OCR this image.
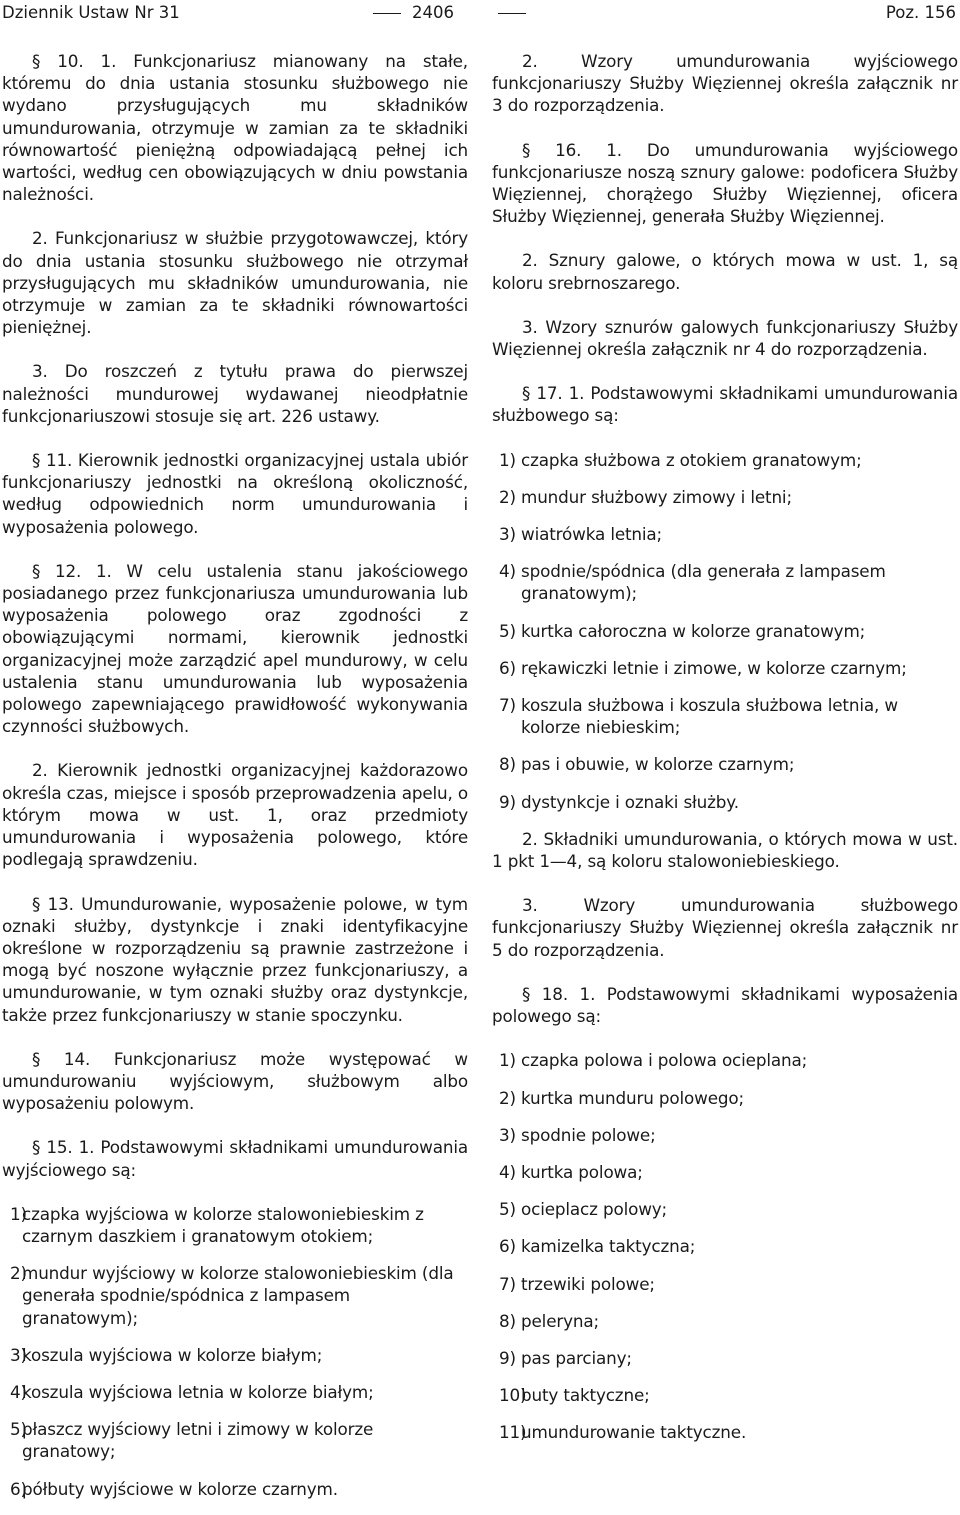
Dziennik Ustaw Nr 31	2406	Poz. 156
§ 10. 1. Funkcjonariusz mianowany na stałe, któremu do dnia ustania stosunku służbowego nie wydano przysługujących mu składników umundurowania, otrzymuje w zamian za te składniki równowartość pieniężną odpowiadającą pełnej ich wartości, według cen obowiązujących w dniu powstania należności.
2. Funkcjonariusz w służbie przygotowawczej, który do dnia ustania stosunku służbowego nie otrzymał przysługujących mu składników umundurowania, nie otrzymuje w zamian za te składniki równowartości pieniężnej.
3. Do roszczeń z tytułu prawa do pierwszej należności mundurowej wydawanej nieodpłatnie funkcjonariuszowi stosuje się art. 226 ustawy.
§ 11. Kierownik jednostki organizacyjnej ustala ubiór funkcjonariuszy jednostki na określoną okoliczność, według odpowiednich norm umundurowania i wyposażenia polowego.
§ 12. 1. W celu ustalenia stanu jakościowego posiadanego przez funkcjonariusza umundurowania lub wyposażenia polowego oraz zgodności z obowiązującymi normami, kierownik jednostki organizacyjnej może zarządzić apel mundurowy, w celu ustalenia stanu umundurowania lub wyposażenia polowego zapewniającego prawidłowość wykonywania czynności służbowych.
2. Kierownik jednostki organizacyjnej każdorazowo określa czas, miejsce i sposób przeprowadzenia apelu, o którym mowa w ust. 1, oraz przedmioty umundurowania i wyposażenia polowego, które podlegają sprawdzeniu.
§ 13. Umundurowanie, wyposażenie polowe, w tym oznaki służby, dystynkcje i znaki identyfikacyjne określone w rozporządzeniu są prawnie zastrzeżone i mogą być noszone wyłącznie przez funkcjonariuszy, a umundurowanie, w tym oznaki służby oraz dystynkcje, także przez funkcjonariuszy w stanie spoczynku.
§ 14. Funkcjonariusz może występować w umundurowaniu wyjściowym, służbowym albo wyposażeniu polowym.
§ 15. 1. Podstawowymi składnikami umundurowania wyjściowego są:
1)
czapka wyjściowa w kolorze stalowoniebieskim z czarnym daszkiem i granatowym otokiem;
2)
mundur wyjściowy w kolorze stalowoniebieskim (dla generała spodnie/spódnica z lampasem granatowym);
3)
koszula wyjściowa w kolorze białym;
4)
koszula wyjściowa letnia w kolorze białym;
5)
płaszcz wyjściowy letni i zimowy w kolorze granatowy;
6)
półbuty wyjściowe w kolorze czarnym.
2. Wzory umundurowania wyjściowego funkcjonariuszy Służby Więziennej określa załącznik nr 3 do rozporządzenia.
§ 16. 1. Do umundurowania wyjściowego funkcjonariusze noszą sznury galowe: podoficera Służby Więziennej, chorążego Służby Więziennej, oficera Służby Więziennej, generała Służby Więziennej.
2. Sznury galowe, o których mowa w ust. 1, są koloru srebrnoszarego.
3. Wzory sznurów galowych funkcjonariuszy Służby Więziennej określa załącznik nr 4 do rozporządzenia.
§ 17. 1. Podstawowymi składnikami umundurowania służbowego są:
1) czapka służbowa z otokiem granatowym;
2) mundur służbowy zimowy i letni;
3) wiatrówka letnia;
4) spodnie/spódnica (dla generała z lampasem granatowym);
5) kurtka całoroczna w kolorze granatowym;
6) rękawiczki letnie i zimowe, w kolorze czarnym;
7) koszula służbowa i koszula służbowa letnia, w kolorze niebieskim;
8) pas i obuwie, w kolorze czarnym;
9) dystynkcje i oznaki służby.
2. Składniki umundurowania, o których mowa w ust. 1 pkt 1—4, są koloru stalowoniebieskiego.
3. Wzory umundurowania służbowego funkcjonariuszy Służby Więziennej określa załącznik nr 5 do rozporządzenia.
§ 18. 1. Podstawowymi składnikami wyposażenia polowego są:
1) czapka polowa i polowa ocieplana;
2) kurtka munduru polowego;
3) spodnie polowe;
4) kurtka polowa;
5) ocieplacz polowy;
6) kamizelka taktyczna;
7) trzewiki polowe;
8) peleryna;
9) pas parciany;
10)
buty taktyczne;
11)
umundurowanie taktyczne.
